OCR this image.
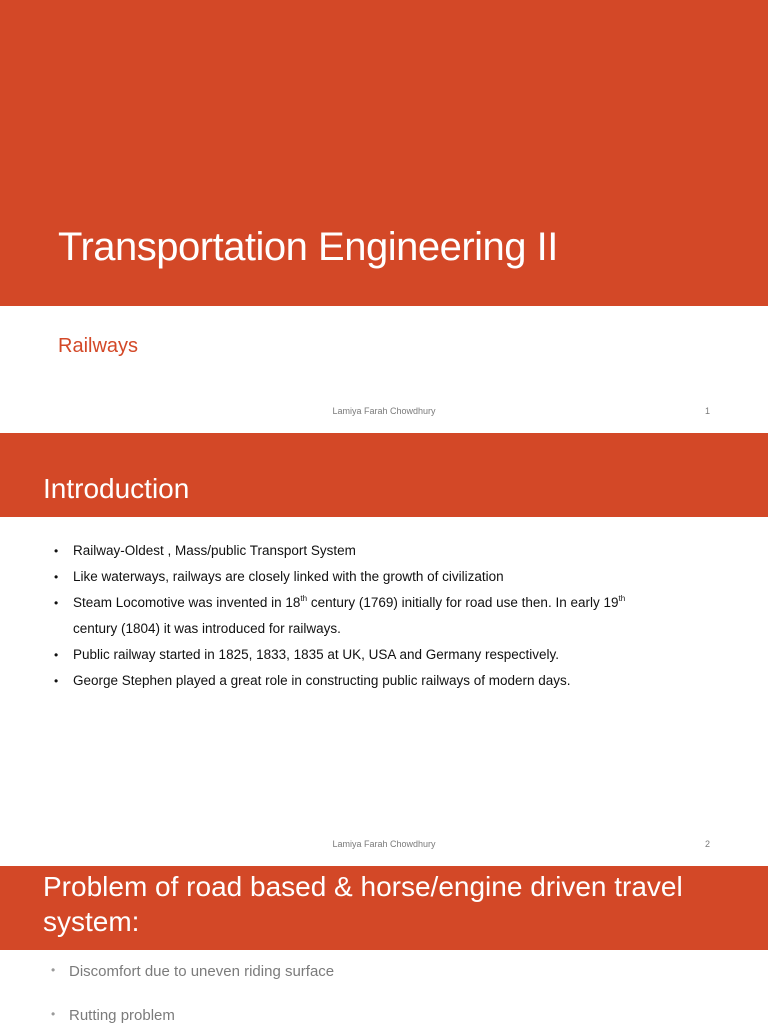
Transportation Engineering II
Railways
Lamiya Farah Chowdhury	1
Introduction
• Railway-Oldest , Mass/public Transport System
• Like waterways, railways are closely linked with the growth of civilization
• Steam Locomotive was invented in 18th century (1769) initially for road use then. In early 19th
century (1804) it was introduced for railways.
• Public railway started in 1825, 1833, 1835 at UK, USA and Germany respectively.
• George Stephen played a great role in constructing public railways of modern days.
Lamiya Farah Chowdhury	2
Problem of road based & horse/engine driven travel
system:
• Discomfort due to uneven riding surface
• Rutting problem
